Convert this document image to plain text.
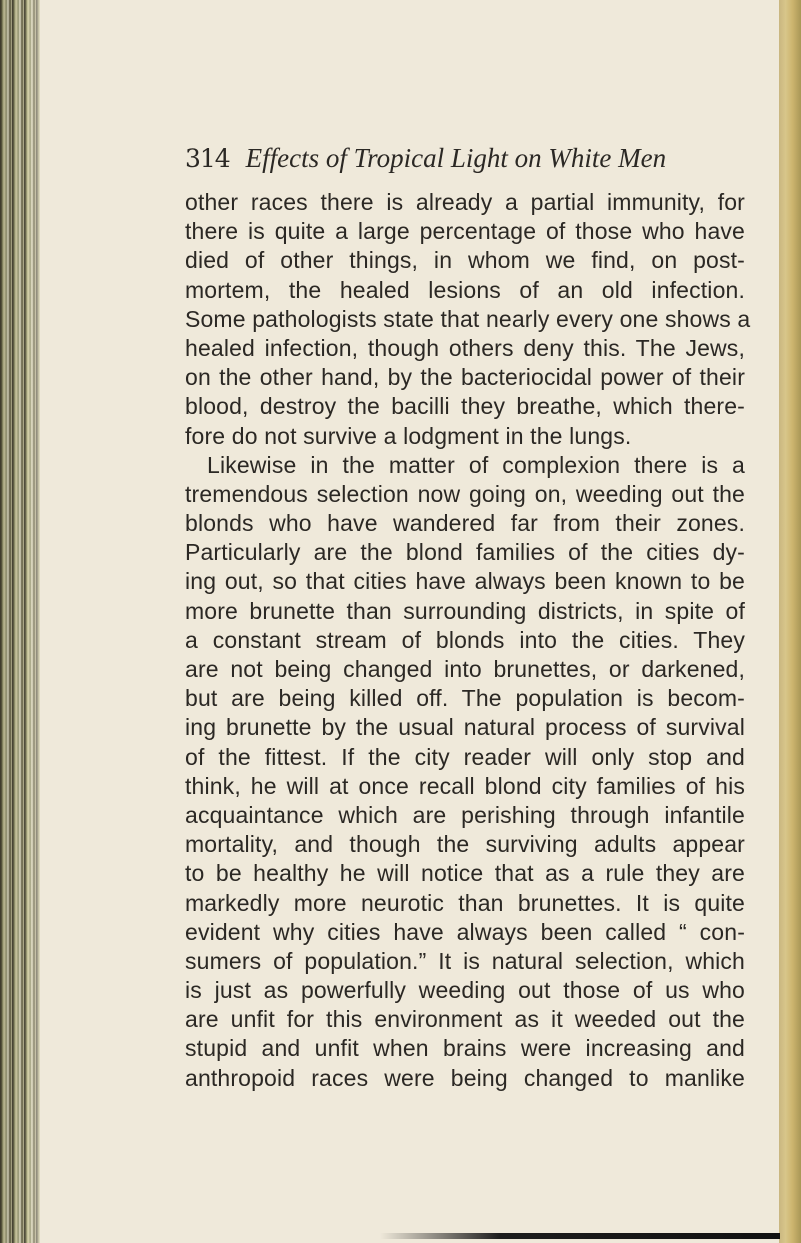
314 Effects of Tropical Light on White Men
other races there is already a partial immunity, for
there is quite a large percentage of those who have
died of other things, in whom we find, on post-
mortem, the healed lesions of an old infection.
Some pathologists state that nearly every one shows a
healed infection, though others deny this. The Jews,
on the other hand, by the bacteriocidal power of their
blood, destroy the bacilli they breathe, which there-
fore do not survive a lodgment in the lungs.
Likewise in the matter of complexion there is a
tremendous selection now going on, weeding out the
blonds who have wandered far from their zones.
Particularly are the blond families of the cities dy-
ing out, so that cities have always been known to be
more brunette than surrounding districts, in spite of
a constant stream of blonds into the cities. They
are not being changed into brunettes, or darkened,
but are being killed off. The population is becom-
ing brunette by the usual natural process of survival
of the fittest. If the city reader will only stop and
think, he will at once recall blond city families of his
acquaintance which are perishing through infantile
mortality, and though the surviving adults appear
to be healthy he will notice that as a rule they are
markedly more neurotic than brunettes. It is quite
evident why cities have always been called “ con-
sumers of population.” It is natural selection, which
is just as powerfully weeding out those of us who
are unfit for this environment as it weeded out the
stupid and unfit when brains were increasing and
anthropoid races were being changed to manlike
